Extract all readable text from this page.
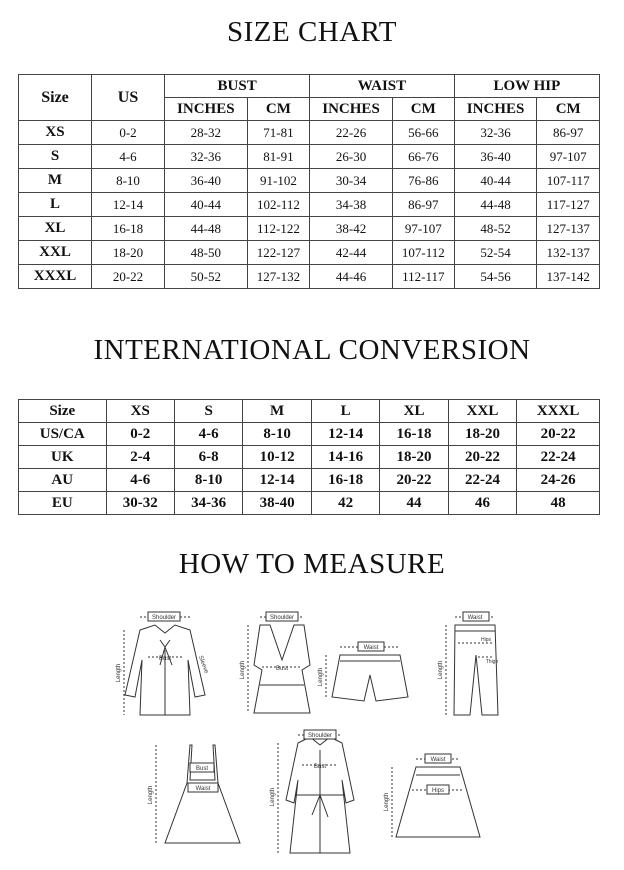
SIZE CHART
Size	US	BUST		WAIST		LOW HIP	
		INCHES	CM	INCHES	CM	INCHES	CM
XS	0-2	28-32	71-81	22-26	56-66	32-36	86-97
S	4-6	32-36	81-91	26-30	66-76	36-40	97-107
M	8-10	36-40	91-102	30-34	76-86	40-44	107-117
L	12-14	40-44	102-112	34-38	86-97	44-48	117-127
XL	16-18	44-48	112-122	38-42	97-107	48-52	127-137
XXL	18-20	48-50	122-127	42-44	107-112	52-54	132-137
XXXL	20-22	50-52	127-132	44-46	112-117	54-56	137-142
INTERNATIONAL CONVERSION
Size	XS	S	M	L	XL	XXL	XXXL
US/CA	0-2	4-6	8-10	12-14	16-18	18-20	20-22
UK	2-4	6-8	10-12	14-16	18-20	20-22	22-24
AU	4-6	8-10	12-14	16-18	20-22	22-24	24-26
EU	30-32	34-36	38-40	42	44	46	48
HOW TO MEASURE
Shoulder
Bust
Length	Sleeve
Shoulder
Bust
Length
Waist
Length
Waist
Hips
Thigh
Length
Bust
Waist
Length
Shoulder
Bust
Length
Waist
Hips
Length
